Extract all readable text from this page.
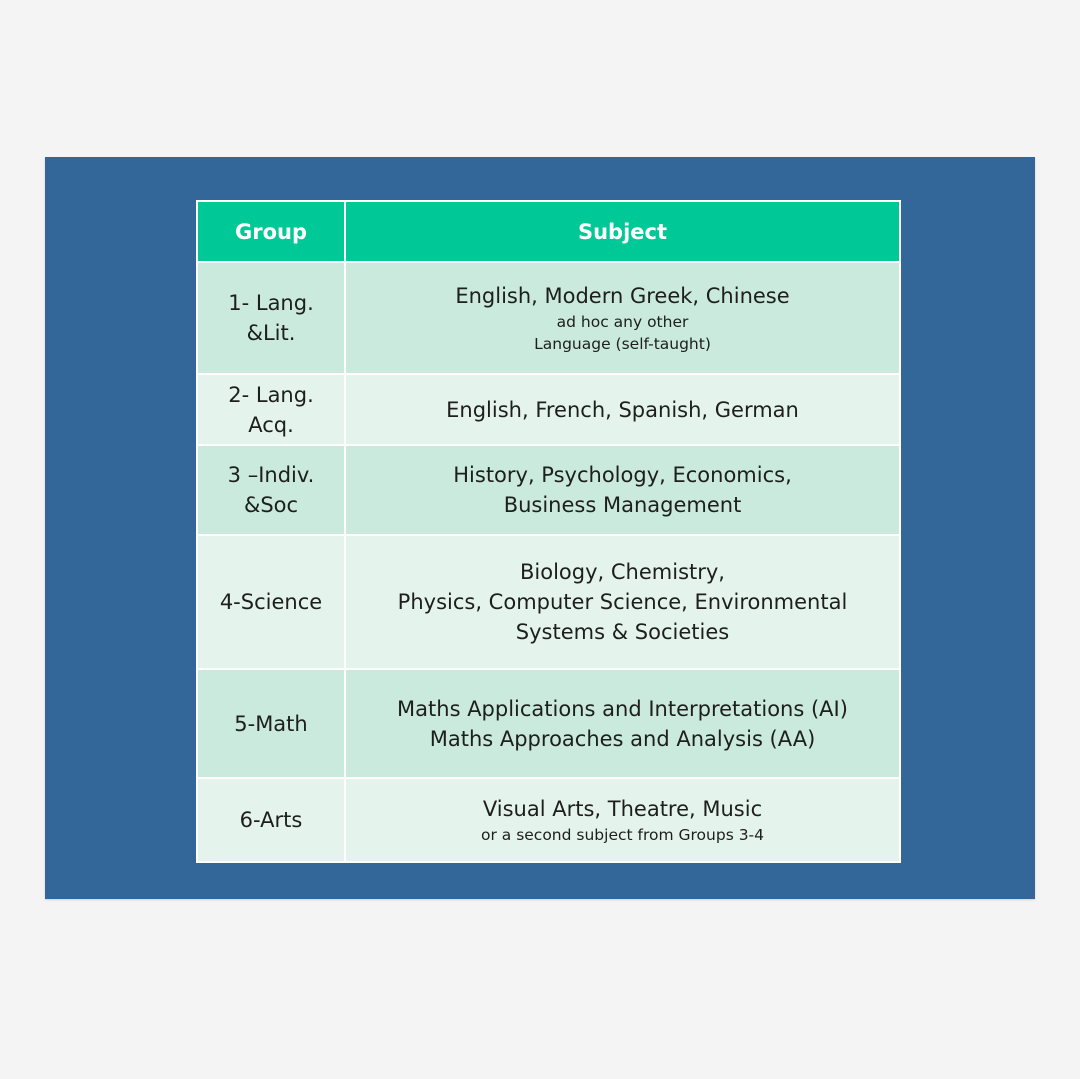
Group	Subject

1- Lang.
&Lit.	English, Modern Greek, Chinese
ad hoc any other
Language (self-taught)

2- Lang.
Acq.	English, French, Spanish, German

3 –Indiv.
&Soc	History, Psychology, Economics,
Business Management

4-Science	Biology, Chemistry,
Physics, Computer Science, Environmental
Systems & Societies

5-Math	Maths Applications and Interpretations (AI)
Maths Approaches and Analysis (AA)

6-Arts	Visual Arts, Theatre, Music
or a second subject from Groups 3-4
